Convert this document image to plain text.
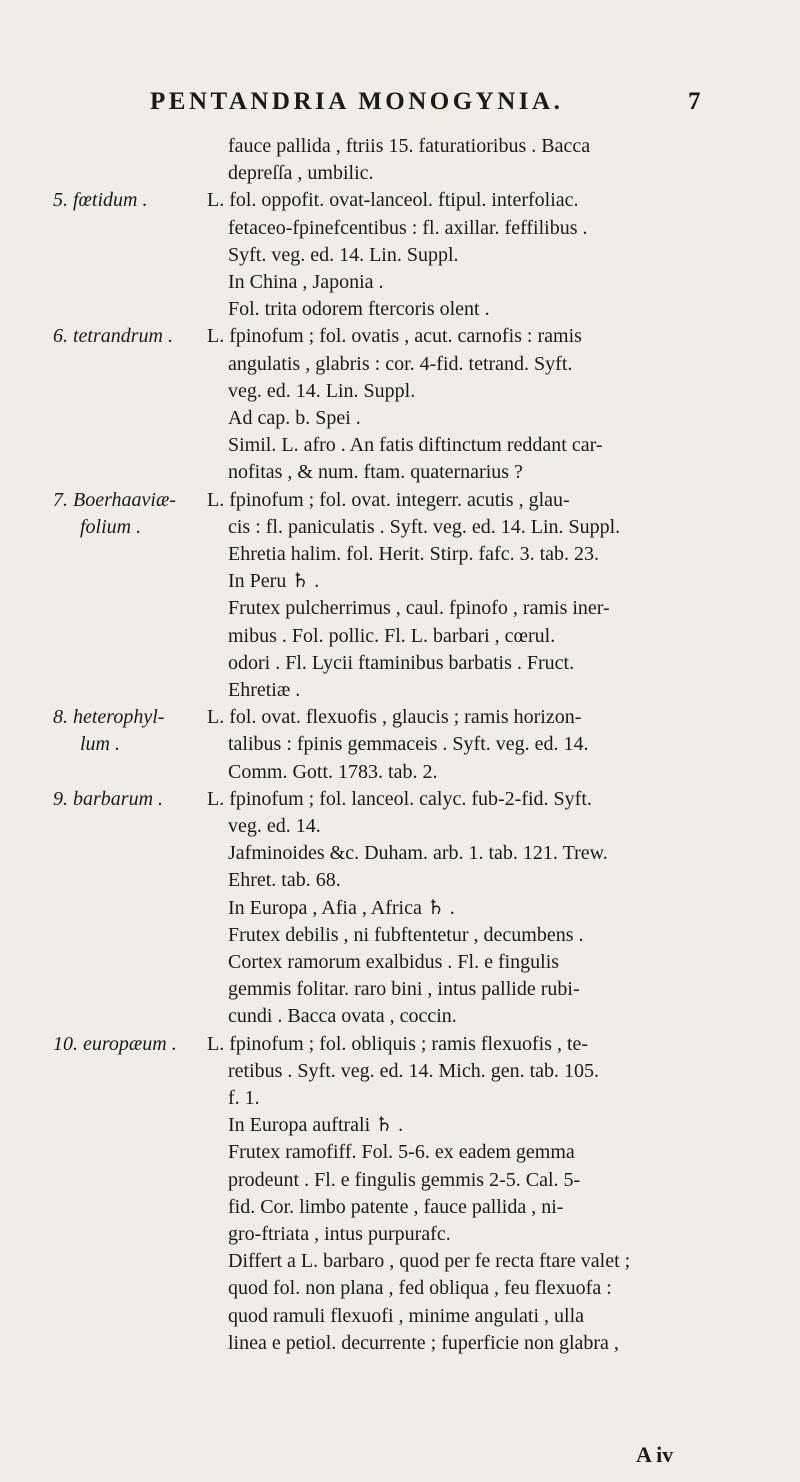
PENTANDRIA MONOGYNIA.	7
fauce pallida , ftriis 15. faturatioribus . Bacca
depreſſa , umbilic.
5. fœtidum .	L. fol. oppofit. ovat-lanceol. ftipul. interfoliac.
fetaceo-fpinefcentibus : fl. axillar. feffilibus .
Syft. veg. ed. 14. Lin. Suppl.
In China , Japonia .
Fol. trita odorem ftercoris olent .
6. tetrandrum . L. fpinofum ; fol. ovatis , acut. carnofis : ramis
angulatis , glabris : cor. 4-fid. tetrand. Syft.
veg. ed. 14. Lin. Suppl.
Ad cap. b. Spei .
Simil. L. afro . An fatis diftinctum reddant car-
nofitas , & num. ftam. quaternarius ?
7. Boerhaaviæ-
folium .
L. fpinofum ; fol. ovat. integerr. acutis , glau-
cis : fl. paniculatis . Syft. veg. ed. 14. Lin. Suppl.
Ehretia halim. fol. Herit. Stirp. fafc. 3. tab. 23.
In Peru ♄ .
Frutex pulcherrimus , caul. fpinofo , ramis iner-
mibus . Fol. pollic. Fl. L. barbari , cœrul.
odori . Fl. Lycii ftaminibus barbatis . Fruct.
Ehretiæ .
8. heterophyl-
lum .
L. fol. ovat. flexuofis , glaucis ; ramis horizon-
talibus : fpinis gemmaceis . Syft. veg. ed. 14.
Comm. Gott. 1783. tab. 2.
9. barbarum . L. fpinofum ; fol. lanceol. calyc. fub-2-fid. Syft.
veg. ed. 14.
Jafminoides &c. Duham. arb. 1. tab. 121. Trew.
Ehret. tab. 68.
In Europa , Afia , Africa ♄ .
Frutex debilis , ni fubftentetur , decumbens .
Cortex ramorum exalbidus . Fl. e fingulis
gemmis folitar. raro bini , intus pallide rubi-
cundi . Bacca ovata , coccin.
10. europæum . L. fpinofum ; fol. obliquis ; ramis flexuofis , te-
retibus . Syft. veg. ed. 14. Mich. gen. tab. 105.
f. 1.
In Europa auftrali ♄ .
Frutex ramofiff. Fol. 5-6. ex eadem gemma
prodeunt . Fl. e fingulis gemmis 2-5. Cal. 5-
fid. Cor. limbo patente , fauce pallida , ni-
gro-ftriata , intus purpurafc.
Differt a L. barbaro , quod per fe recta ftare valet ;
quod fol. non plana , fed obliqua , feu flexuofa :
quod ramuli flexuofi , minime angulati , ulla
linea e petiol. decurrente ; fuperficie non glabra ,
A iv
